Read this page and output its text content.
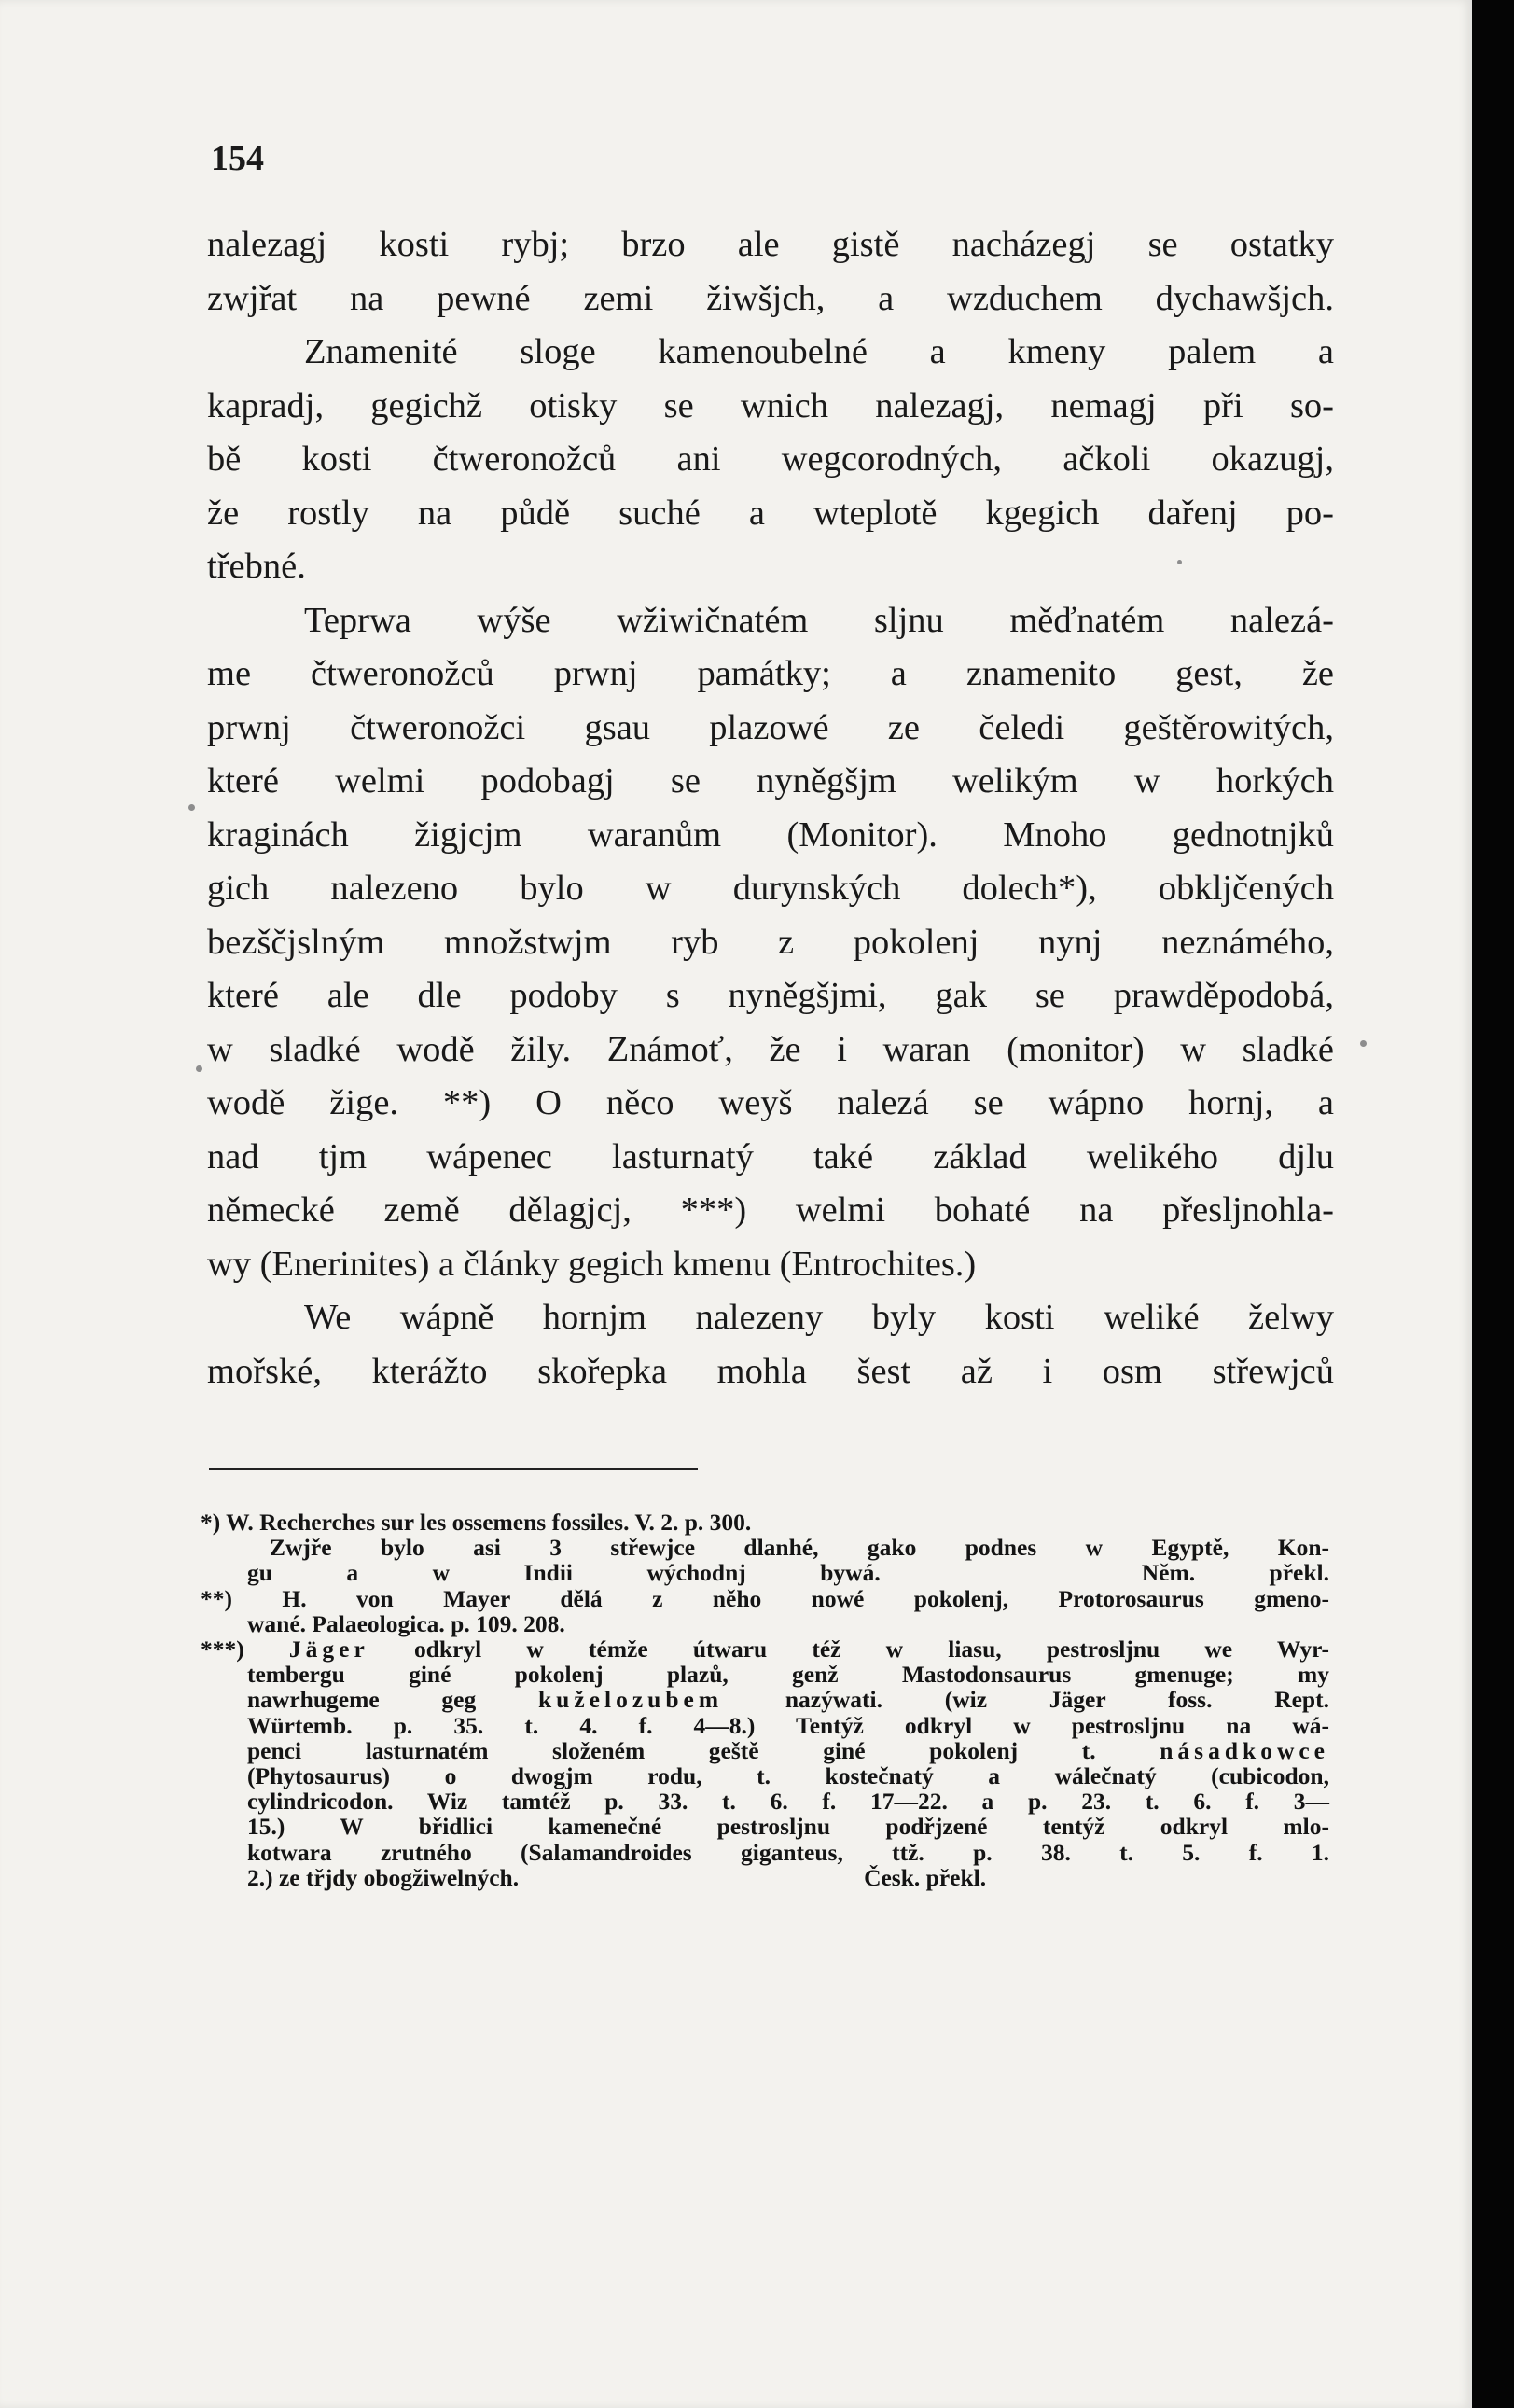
154
nalezagj kosti rybj; brzo ale gistě nacházegj se ostatky
zwjřat na pewné zemi žiwšjch, a wzduchem dychawšjch.
Znamenité sloge kamenoubelné a kmeny palem a
kapradj, gegichž otisky se wnich nalezagj, nemagj při so-
bě kosti čtweronožců ani wegcorodných, ačkoli okazugj,
že rostly na půdě suché a wteplotě kgegich dařenj po-
třebné.
Teprwa wýše wžiwičnatém sljnu měďnatém nalezá-
me čtweronožců prwnj památky; a znamenito gest, že
prwnj čtweronožci gsau plazowé ze čeledi geštěrowitých,
které welmi podobagj se nyněgšjm welikým w horkých
kraginách žigjcjm waranům (Monitor). Mnoho gednotnjků
gich nalezeno bylo w durynských dolech*), obkljčených
bezščjslným množstwjm ryb z pokolenj nynj neznámého,
které ale dle podoby s nyněgšjmi, gak se prawděpodobá,
w sladké wodě žily. Známoť, že i waran (monitor) w sladké
wodě žige. **) O něco weyš nalezá se wápno hornj, a
nad tjm wápenec lasturnatý také základ welikého djlu
německé země dělagjcj, ***) welmi bohaté na přeslјnohla-
wy (Enerinites) a články gegich kmenu (Entrochites.)
We wápně hornjm nalezeny byly kosti weliké želwy
mořské, kterážto skořepka mohla šest až i osm střewjců
*) W. Recherches sur les ossemens fossiles. V. 2. p. 300.
Zwjře bylo asi 3 střewjce dlanhé, gako podnes w Egyptě, Kon-
gu a w Indii wýchodnj bywá.	Něm. překl.
**) H. von Mayer dělá z něho nowé pokolenj, Protorosaurus gmeno-
wané. Palaeologica. p. 109. 208.
***) Jäger odkryl w témže útwaru též w liasu, pestrosljnu we Wyr-
tembergu giné pokolenj plazů, genž Mastodonsaurus gmenuge; my
nawrhugeme geg kuželozubem nazýwati. (wiz Jäger foss. Rept.
Würtemb. p. 35. t. 4. f. 4—8.) Tentýž odkryl w pestrosljnu na wá-
penci lasturnatém složeném geště giné pokolenj t. násadkowce
(Phytosaurus) o dwogjm rodu, t. kostečnatý a wálečnatý (cubicodon,
cylindricodon. Wiz tamtéž p. 33. t. 6. f. 17—22. a p. 23. t. 6. f. 3—
15.) W břidlici kamenečné pestrosljnu podřjzené tentýž odkryl mlo-
kotwara zrutného (Salamandroides giganteus, ttž. p. 38. t. 5. f. 1.
2.) ze třjdy obogžiwelných.	Česk. překl.
